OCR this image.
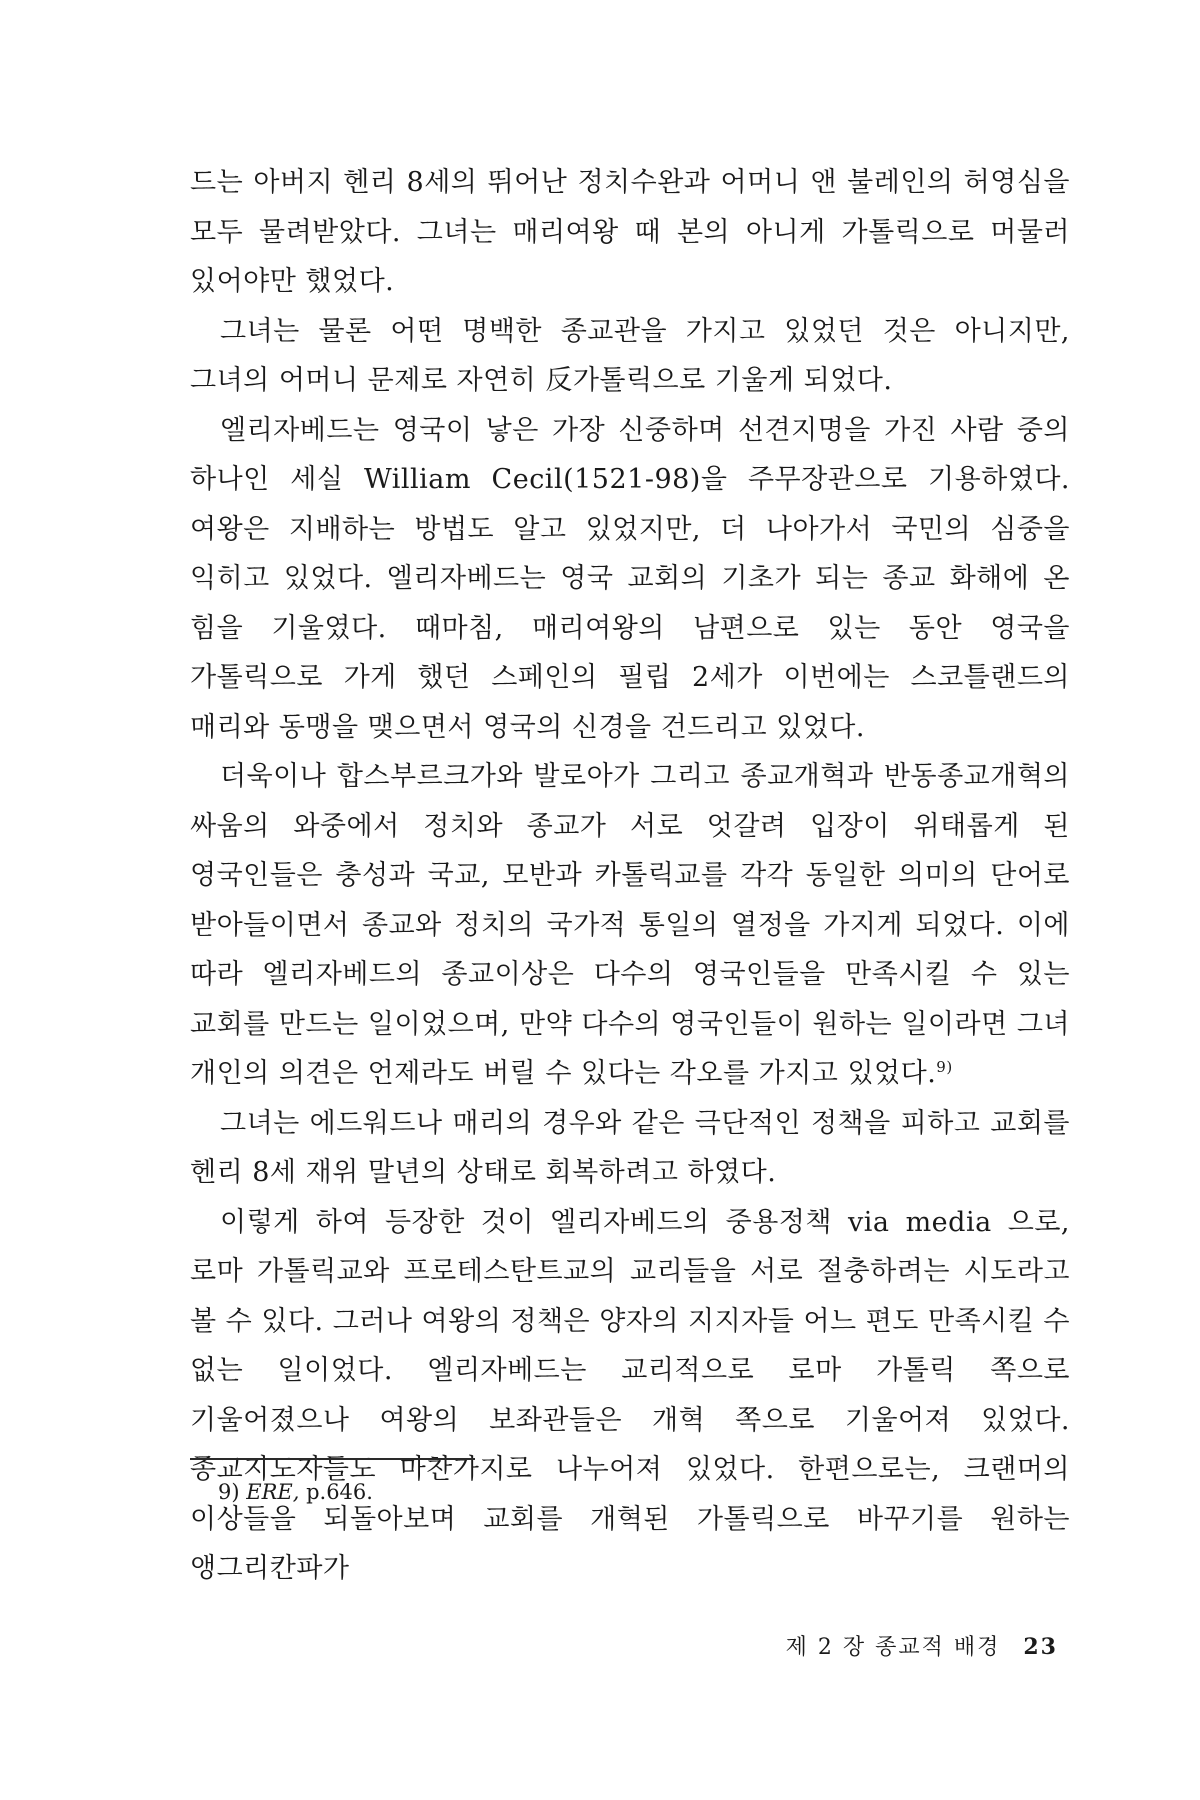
드는 아버지 헨리 8세의 뛰어난 정치수완과 어머니 앤 불레인의 허영심을 모두 물려받았다. 그녀는 매리여왕 때 본의 아니게 가톨릭으로 머물러 있어야만 했었다.

그녀는 물론 어떤 명백한 종교관을 가지고 있었던 것은 아니지만, 그녀의 어머니 문제로 자연히 反가톨릭으로 기울게 되었다.

엘리자베드는 영국이 낳은 가장 신중하며 선견지명을 가진 사람 중의 하나인 세실 William Cecil(1521-98)을 주무장관으로 기용하였다. 여왕은 지배하는 방법도 알고 있었지만, 더 나아가서 국민의 심중을 익히고 있었다. 엘리자베드는 영국 교회의 기초가 되는 종교 화해에 온 힘을 기울였다. 때마침, 매리여왕의 남편으로 있는 동안 영국을 가톨릭으로 가게 했던 스페인의 필립 2세가 이번에는 스코틀랜드의 매리와 동맹을 맺으면서 영국의 신경을 건드리고 있었다.

더욱이나 합스부르크가와 발로아가 그리고 종교개혁과 반동종교개혁의 싸움의 와중에서 정치와 종교가 서로 엇갈려 입장이 위태롭게 된 영국인들은 충성과 국교, 모반과 카톨릭교를 각각 동일한 의미의 단어로 받아들이면서 종교와 정치의 국가적 통일의 열정을 가지게 되었다. 이에 따라 엘리자베드의 종교이상은 다수의 영국인들을 만족시킬 수 있는 교회를 만드는 일이었으며, 만약 다수의 영국인들이 원하는 일이라면 그녀 개인의 의견은 언제라도 버릴 수 있다는 각오를 가지고 있었다.$^{9)}$

그녀는 에드워드나 매리의 경우와 같은 극단적인 정책을 피하고 교회를 헨리 8세 재위 말년의 상태로 회복하려고 하였다.

이렇게 하여 등장한 것이 엘리자베드의 중용정책 via media 으로, 로마 가톨릭교와 프로테스탄트교의 교리들을 서로 절충하려는 시도라고 볼 수 있다. 그러나 여왕의 정책은 양자의 지지자들 어느 편도 만족시킬 수 없는 일이었다. 엘리자베드는 교리적으로 로마 가톨릭 쪽으로 기울어졌으나 여왕의 보좌관들은 개혁 쪽으로 기울어져 있었다. 종교지도자들도 마찬가지로 나누어져 있었다. 한편으로는, 크랜머의 이상들을 되돌아보며 교회를 개혁된 가톨릭으로 바꾸기를 원하는 앵그리칸파가

9) ERE, p.646.
제 2 장 종교적 배경 23
